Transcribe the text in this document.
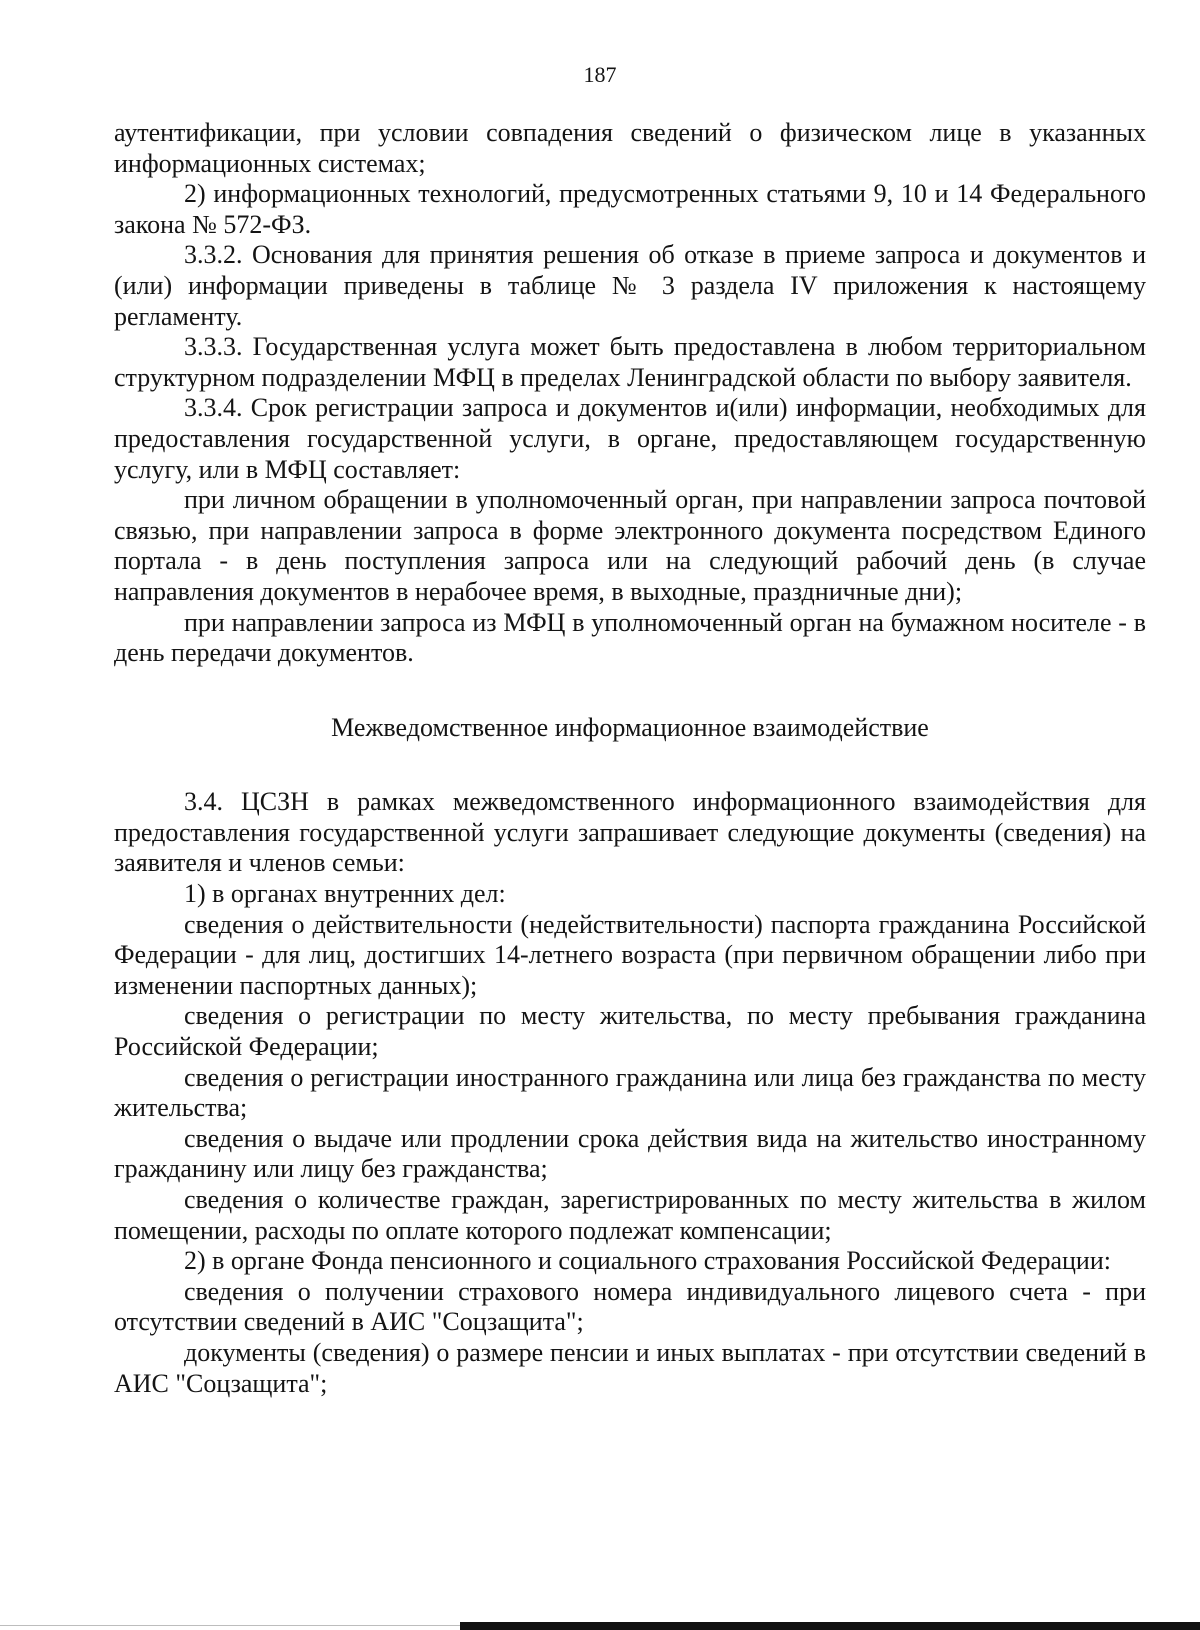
187

аутентификации, при условии совпадения сведений о физическом лице в указанных информационных системах;

2) информационных технологий, предусмотренных статьями 9, 10 и 14 Федерального закона № 572-ФЗ.

3.3.2. Основания для принятия решения об отказе в приеме запроса и документов и (или) информации приведены в таблице № 3 раздела IV приложения к настоящему регламенту.

3.3.3. Государственная услуга может быть предоставлена в любом территориальном структурном подразделении МФЦ в пределах Ленинградской области по выбору заявителя.

3.3.4. Срок регистрации запроса и документов и(или) информации, необходимых для предоставления государственной услуги, в органе, предоставляющем государственную услугу, или в МФЦ составляет:

при личном обращении в уполномоченный орган, при направлении запроса почтовой связью, при направлении запроса в форме электронного документа посредством Единого портала - в день поступления запроса или на следующий рабочий день (в случае направления документов в нерабочее время, в выходные, праздничные дни);

при направлении запроса из МФЦ в уполномоченный орган на бумажном носителе - в день передачи документов.

Межведомственное информационное взаимодействие

3.4. ЦСЗН в рамках межведомственного информационного взаимодействия для предоставления государственной услуги запрашивает следующие документы (сведения) на заявителя и членов семьи:

1) в органах внутренних дел:

сведения о действительности (недействительности) паспорта гражданина Российской Федерации - для лиц, достигших 14-летнего возраста (при первичном обращении либо при изменении паспортных данных);

сведения о регистрации по месту жительства, по месту пребывания гражданина Российской Федерации;

сведения о регистрации иностранного гражданина или лица без гражданства по месту жительства;

сведения о выдаче или продлении срока действия вида на жительство иностранному гражданину или лицу без гражданства;

сведения о количестве граждан, зарегистрированных по месту жительства в жилом помещении, расходы по оплате которого подлежат компенсации;

2) в органе Фонда пенсионного и социального страхования Российской Федерации:

сведения о получении страхового номера индивидуального лицевого счета - при отсутствии сведений в АИС "Соцзащита";

документы (сведения) о размере пенсии и иных выплатах - при отсутствии сведений в АИС "Соцзащита";
